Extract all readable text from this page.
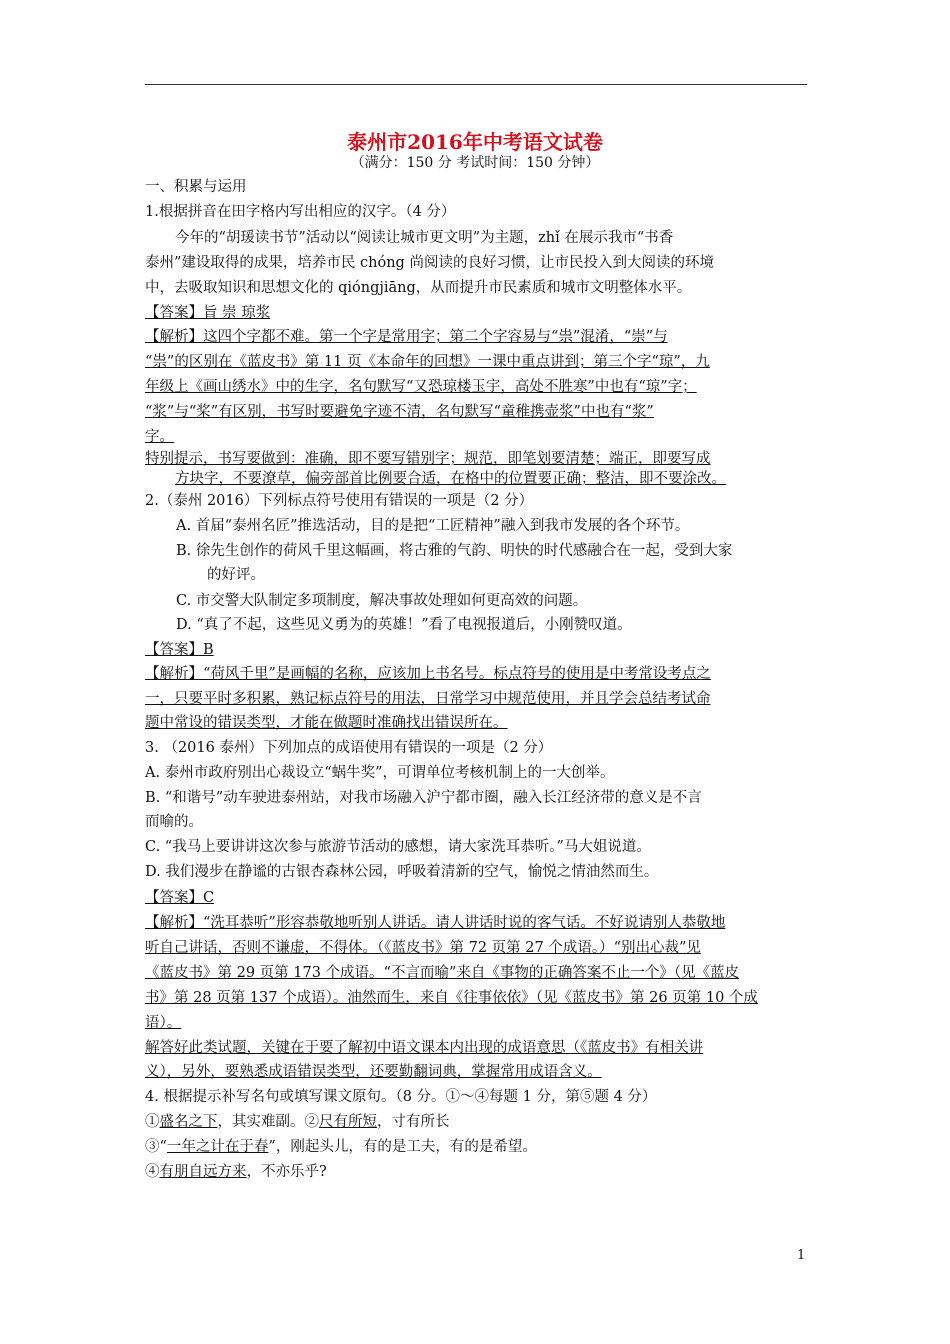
泰州市2016年中考语文试卷
（满分：150 分 考试时间：150 分钟）
一、积累与运用
1.根据拼音在田字格内写出相应的汉字。（4 分）
今年的“胡瑗读书节”活动以“阅读让城市更文明”为主题，zhǐ 在展示我市“书香
泰州”建设取得的成果，培养市民 chóng 尚阅读的良好习惯，让市民投入到大阅读的环境
中，去吸取知识和思想文化的 qióngjiāng，从而提升市民素质和城市文明整体水平。
【答案】旨 崇 琼浆
【解析】这四个字都不难。第一个字是常用字；第二个字容易与“祟”混淆，“崇”与
“祟”的区别在《蓝皮书》第 11 页《本命年的回想》一课中重点讲到；第三个字“琼”，九
年级上《画山绣水》中的生字，名句默写“又恐琼楼玉宇，高处不胜寒”中也有“琼”字；
“浆”与“桨”有区别，书写时要避免字迹不清，名句默写“童稚携壶浆”中也有“浆”
字。
特别提示，书写要做到：准确，即不要写错别字；规范，即笔划要清楚；端正，即要写成
方块字，不要潦草，偏旁部首比例要合适，在格中的位置要正确；整洁，即不要涂改。
2.（泰州 2016）下列标点符号使用有错误的一项是（2 分）
A. 首届“泰州名匠”推选活动，目的是把“工匠精神”融入到我市发展的各个环节。
B. 徐先生创作的荷风千里这幅画，将古雅的气韵、明快的时代感融合在一起，受到大家
的好评。
C. 市交警大队制定多项制度，解决事故处理如何更高效的问题。
D. “真了不起，这些见义勇为的英雄！”看了电视报道后，小刚赞叹道。
【答案】B
【解析】“荷风千里”是画幅的名称，应该加上书名号。标点符号的使用是中考常设考点之
一，只要平时多积累，熟记标点符号的用法，日常学习中规范使用，并且学会总结考试命
题中常设的错误类型，才能在做题时准确找出错误所在。
3. （2016 泰州）下列加点的成语使用有错误的一项是（2 分）
A. 泰州市政府别出心裁设立“蜗牛奖”，可谓单位考核机制上的一大创举。
B. “和谐号”动车驶进泰州站，对我市场融入沪宁都市圈，融入长江经济带的意义是不言
而喻的。
C. “我马上要讲讲这次参与旅游节活动的感想，请大家洗耳恭听。”马大姐说道。
D. 我们漫步在静谧的古银杏森林公园，呼吸着清新的空气，愉悦之情油然而生。
【答案】C
【解析】“洗耳恭听”形容恭敬地听别人讲话。请人讲话时说的客气话。不好说请别人恭敬地
听自己讲话，否则不谦虚，不得体。（《蓝皮书》第 72 页第 27 个成语。）“别出心裁”见
《蓝皮书》第 29 页第 173 个成语。“不言而喻”来自《事物的正确答案不止一个》（见《蓝皮
书》第 28 页第 137 个成语）。油然而生，来自《往事依依》（见《蓝皮书》第 26 页第 10 个成
语）。
解答好此类试题，关键在于要了解初中语文课本内出现的成语意思（《蓝皮书》有相关讲
义），另外，要熟悉成语错误类型，还要勤翻词典，掌握常用成语含义。
4. 根据提示补写名句或填写课文原句。（8 分。①～④每题 1 分，第⑤题 4 分）
①盛名之下，其实难副。②尺有所短，寸有所长
③“一年之计在于春”，刚起头儿，有的是工夫，有的是希望。
④有朋自远方来，不亦乐乎?
1
